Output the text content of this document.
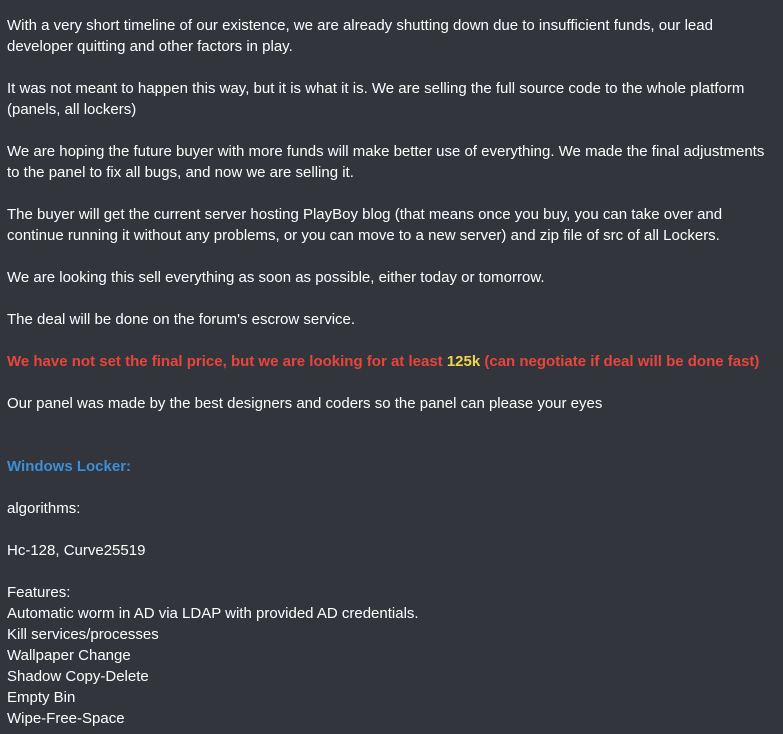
With a very short timeline of our existence, we are already shutting down due to insufficient funds, our lead developer quitting and other factors in play.

It was not meant to happen this way, but it is what it is. We are selling the full source code to the whole platform (panels, all lockers)

We are hoping the future buyer with more funds will make better use of everything. We made the final adjustments to the panel to fix all bugs, and now we are selling it.

The buyer will get the current server hosting PlayBoy blog (that means once you buy, you can take over and continue running it without any problems, or you can move to a new server) and zip file of src of all Lockers.

We are looking this sell everything as soon as possible, either today or tomorrow.

The deal will be done on the forum's escrow service.

We have not set the final price, but we are looking for at least 125k (can negotiate if deal will be done fast)

Our panel was made by the best designers and coders so the panel can please your eyes

Windows Locker:

algorithms:

Hc-128, Curve25519

Features:
Automatic worm in AD via LDAP with provided AD credentials.
Kill services/processes
Wallpaper Change
Shadow Copy-Delete
Empty Bin
Wipe-Free-Space
